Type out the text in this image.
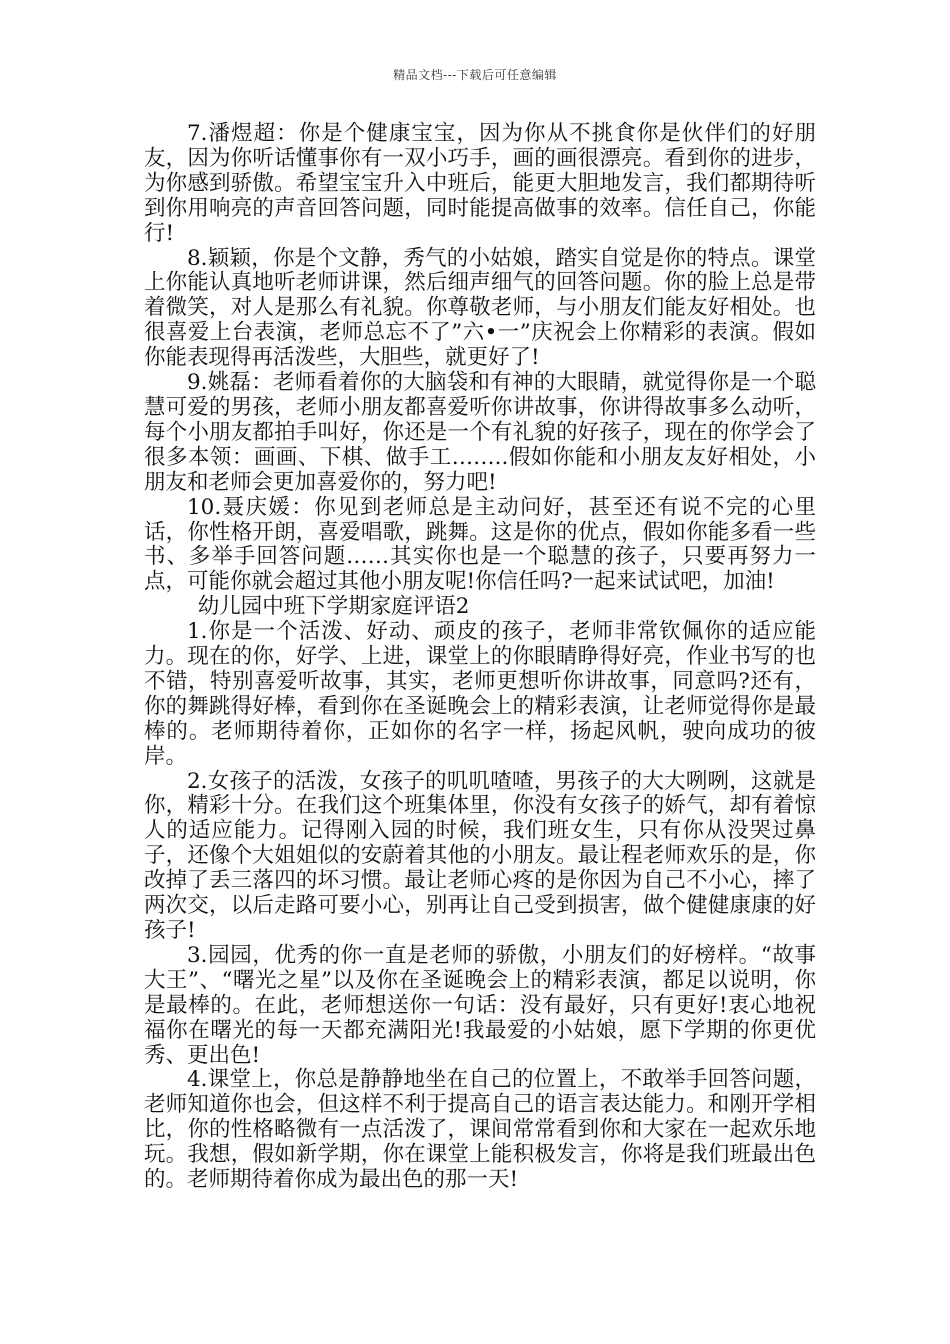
精品文档---下载后可任意编辑

7.潘煜超：你是个健康宝宝，因为你从不挑食你是伙伴们的好朋友，因为你听话懂事你有一双小巧手，画的画很漂亮。看到你的进步，为你感到骄傲。希望宝宝升入中班后，能更大胆地发言，我们都期待听到你用响亮的声音回答问题，同时能提高做事的效率。信任自己，你能行!

8.颖颖，你是个文静，秀气的小姑娘，踏实自觉是你的特点。课堂上你能认真地听老师讲课，然后细声细气的回答问题。你的脸上总是带着微笑，对人是那么有礼貌。你尊敬老师，与小朋友们能友好相处。也很喜爱上台表演，老师总忘不了”六•一”庆祝会上你精彩的表演。假如你能表现得再活泼些，大胆些，就更好了!

9.姚磊：老师看着你的大脑袋和有神的大眼睛，就觉得你是一个聪慧可爱的男孩，老师小朋友都喜爱听你讲故事，你讲得故事多么动听，每个小朋友都拍手叫好，你还是一个有礼貌的好孩子，现在的你学会了很多本领：画画、下棋、做手工……..假如你能和小朋友友好相处，小朋友和老师会更加喜爱你的，努力吧!

10.聂庆媛：你见到老师总是主动问好，甚至还有说不完的心里话，你性格开朗，喜爱唱歌，跳舞。这是你的优点，假如你能多看一些书、多举手回答问题……其实你也是一个聪慧的孩子，只要再努力一点，可能你就会超过其他小朋友呢!你信任吗?一起来试试吧，加油!

幼儿园中班下学期家庭评语2

1.你是一个活泼、好动、顽皮的孩子，老师非常钦佩你的适应能力。现在的你，好学、上进，课堂上的你眼睛睁得好亮，作业书写的也不错，特别喜爱听故事，其实，老师更想听你讲故事，同意吗?还有，你的舞跳得好棒，看到你在圣诞晚会上的精彩表演，让老师觉得你是最棒的。老师期待着你，正如你的名字一样，扬起风帆，驶向成功的彼岸。

2.女孩子的活泼，女孩子的叽叽喳喳，男孩子的大大咧咧，这就是你，精彩十分。在我们这个班集体里，你没有女孩子的娇气，却有着惊人的适应能力。记得刚入园的时候，我们班女生，只有你从没哭过鼻子，还像个大姐姐似的安蔚着其他的小朋友。最让程老师欢乐的是，你改掉了丢三落四的坏习惯。最让老师心疼的是你因为自己不小心，摔了两次交，以后走路可要小心，别再让自己受到损害，做个健健康康的好孩子!

3.园园，优秀的你一直是老师的骄傲，小朋友们的好榜样。“故事大王”、“曙光之星”以及你在圣诞晚会上的精彩表演，都足以说明，你是最棒的。在此，老师想送你一句话：没有最好，只有更好!衷心地祝福你在曙光的每一天都充满阳光!我最爱的小姑娘，愿下学期的你更优秀、更出色!

4.课堂上，你总是静静地坐在自己的位置上，不敢举手回答问题，老师知道你也会，但这样不利于提高自己的语言表达能力。和刚开学相比，你的性格略微有一点活泼了，课间常常看到你和大家在一起欢乐地玩。我想，假如新学期，你在课堂上能积极发言，你将是我们班最出色的。老师期待着你成为最出色的那一天!
